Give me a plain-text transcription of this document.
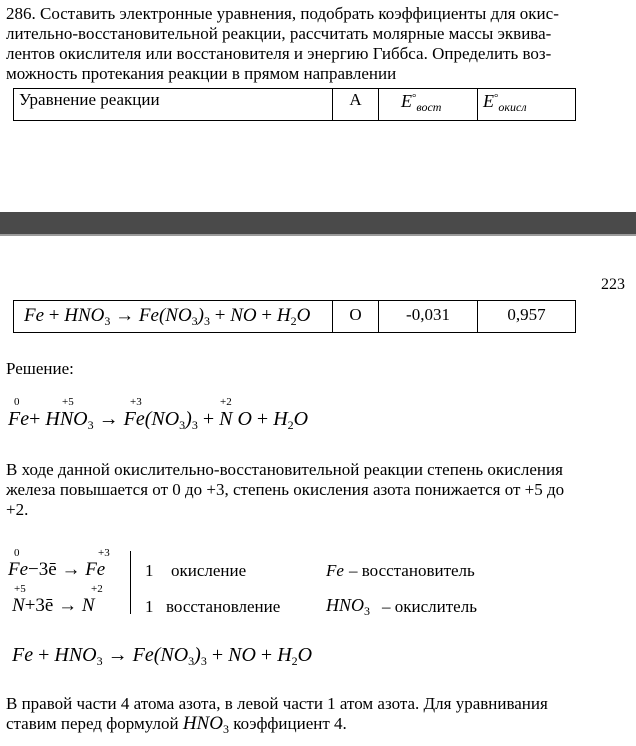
286. Составить электронные уравнения, подобрать коэффициенты для окис-
лительно-восстановительной реакции, рассчитать молярные массы эквива-
лентов окислителя или восстановителя и энергию Гиббса. Определить воз-
можность протекания реакции в прямом направлении
Уравнение реакции	А	$E^\circ_{вост}$	$E^\circ_{окисл}$
223
$Fe + HNO_3 \to Fe(NO_3)_3$ + NO + $H_2O$	О	-0,031	0,957
Решение:
0	+5	+3	+2
$Fe+ HNO_3 \to Fe(NO_3)_3 + N$ $O + H_2O$
В ходе данной окислительно-восстановительной реакции степень окисления
железа повышается от 0 до +3, степень окисления азота понижается от +5 до
+2.
0	+3
Fe−3ē → Fe 1 окисление	Fe – восстановитель
+5	+2
N+3ē → N	1 восстановление	$HNO_3$ – окислитель
$Fe + HNO_3 \to Fe(NO_3)_3$ + NO + $H_2O$
В правой части 4 атома азота, в левой части 1 атом азота. Для уравнивания
ставим перед формулой $HNO_3$ коэффициент 4.
